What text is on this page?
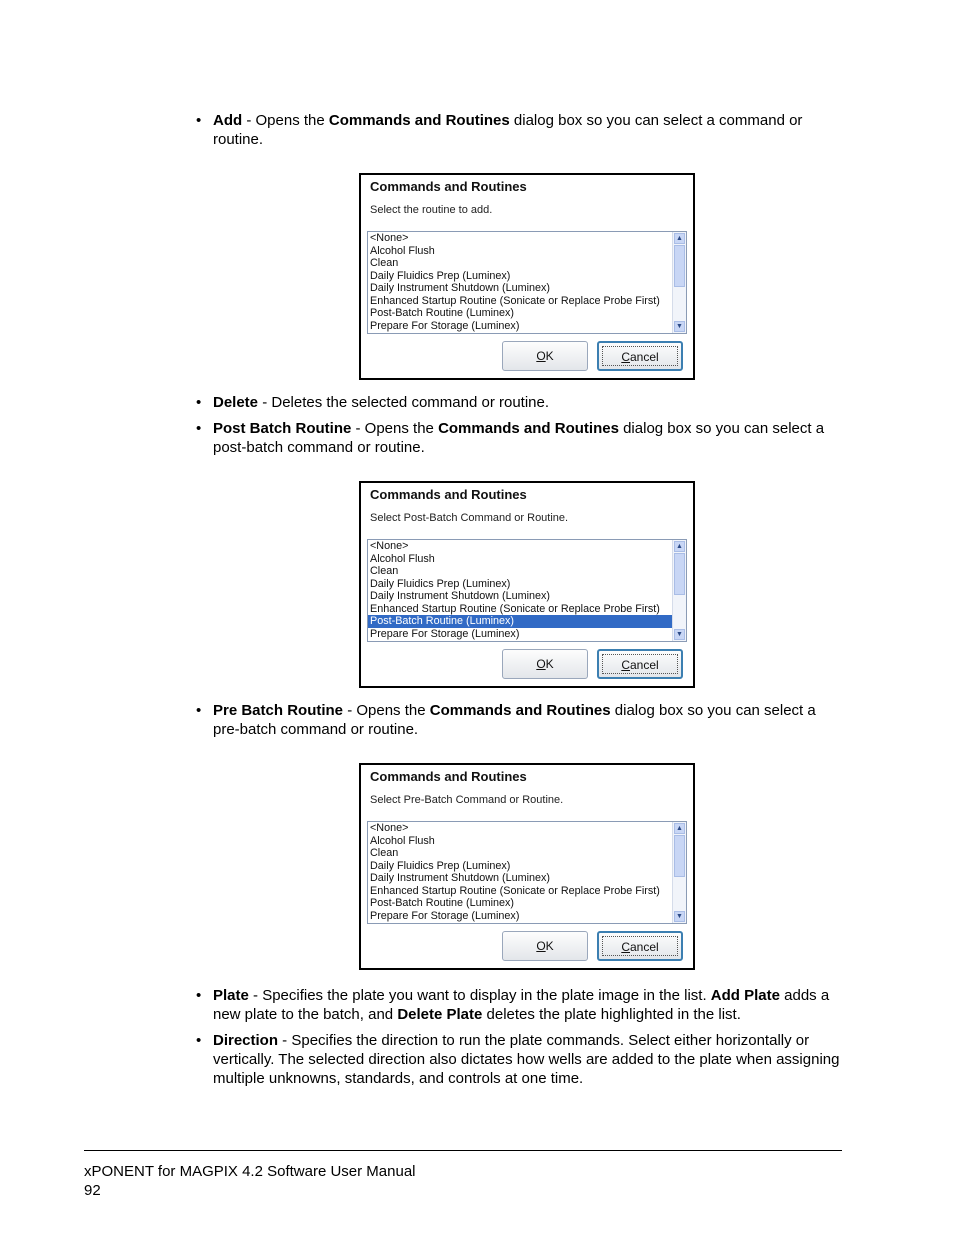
• Add - Opens the Commands and Routines dialog box so you can select a command or routine.
Commands and Routines
Select the routine to add.
<None>
Alcohol Flush
Clean
Daily Fluidics Prep (Luminex)
Daily Instrument Shutdown (Luminex)
Enhanced Startup Routine (Sonicate or Replace Probe First)
Post-Batch Routine (Luminex)
Prepare For Storage (Luminex)
▲
▼
OK	Cancel
• Delete - Deletes the selected command or routine.
• Post Batch Routine - Opens the Commands and Routines dialog box so you can select a post-batch command or routine.
Commands and Routines
Select Post-Batch Command or Routine.
<None>
Alcohol Flush
Clean
Daily Fluidics Prep (Luminex)
Daily Instrument Shutdown (Luminex)
Enhanced Startup Routine (Sonicate or Replace Probe First)
Post-Batch Routine (Luminex)
Prepare For Storage (Luminex)
▲
▼
OK	Cancel
• Pre Batch Routine - Opens the Commands and Routines dialog box so you can select a pre-batch command or routine.
Commands and Routines
Select Pre-Batch Command or Routine.
<None>
Alcohol Flush
Clean
Daily Fluidics Prep (Luminex)
Daily Instrument Shutdown (Luminex)
Enhanced Startup Routine (Sonicate or Replace Probe First)
Post-Batch Routine (Luminex)
Prepare For Storage (Luminex)
▲
▼
OK	Cancel
• Plate - Specifies the plate you want to display in the plate image in the list. Add Plate adds a new plate to the batch, and Delete Plate deletes the plate highlighted in the list.
• Direction - Specifies the direction to run the plate commands. Select either horizontally or vertically. The selected direction also dictates how wells are added to the plate when assigning multiple unknowns, standards, and controls at one time.
xPONENT for MAGPIX 4.2 Software User Manual
92
